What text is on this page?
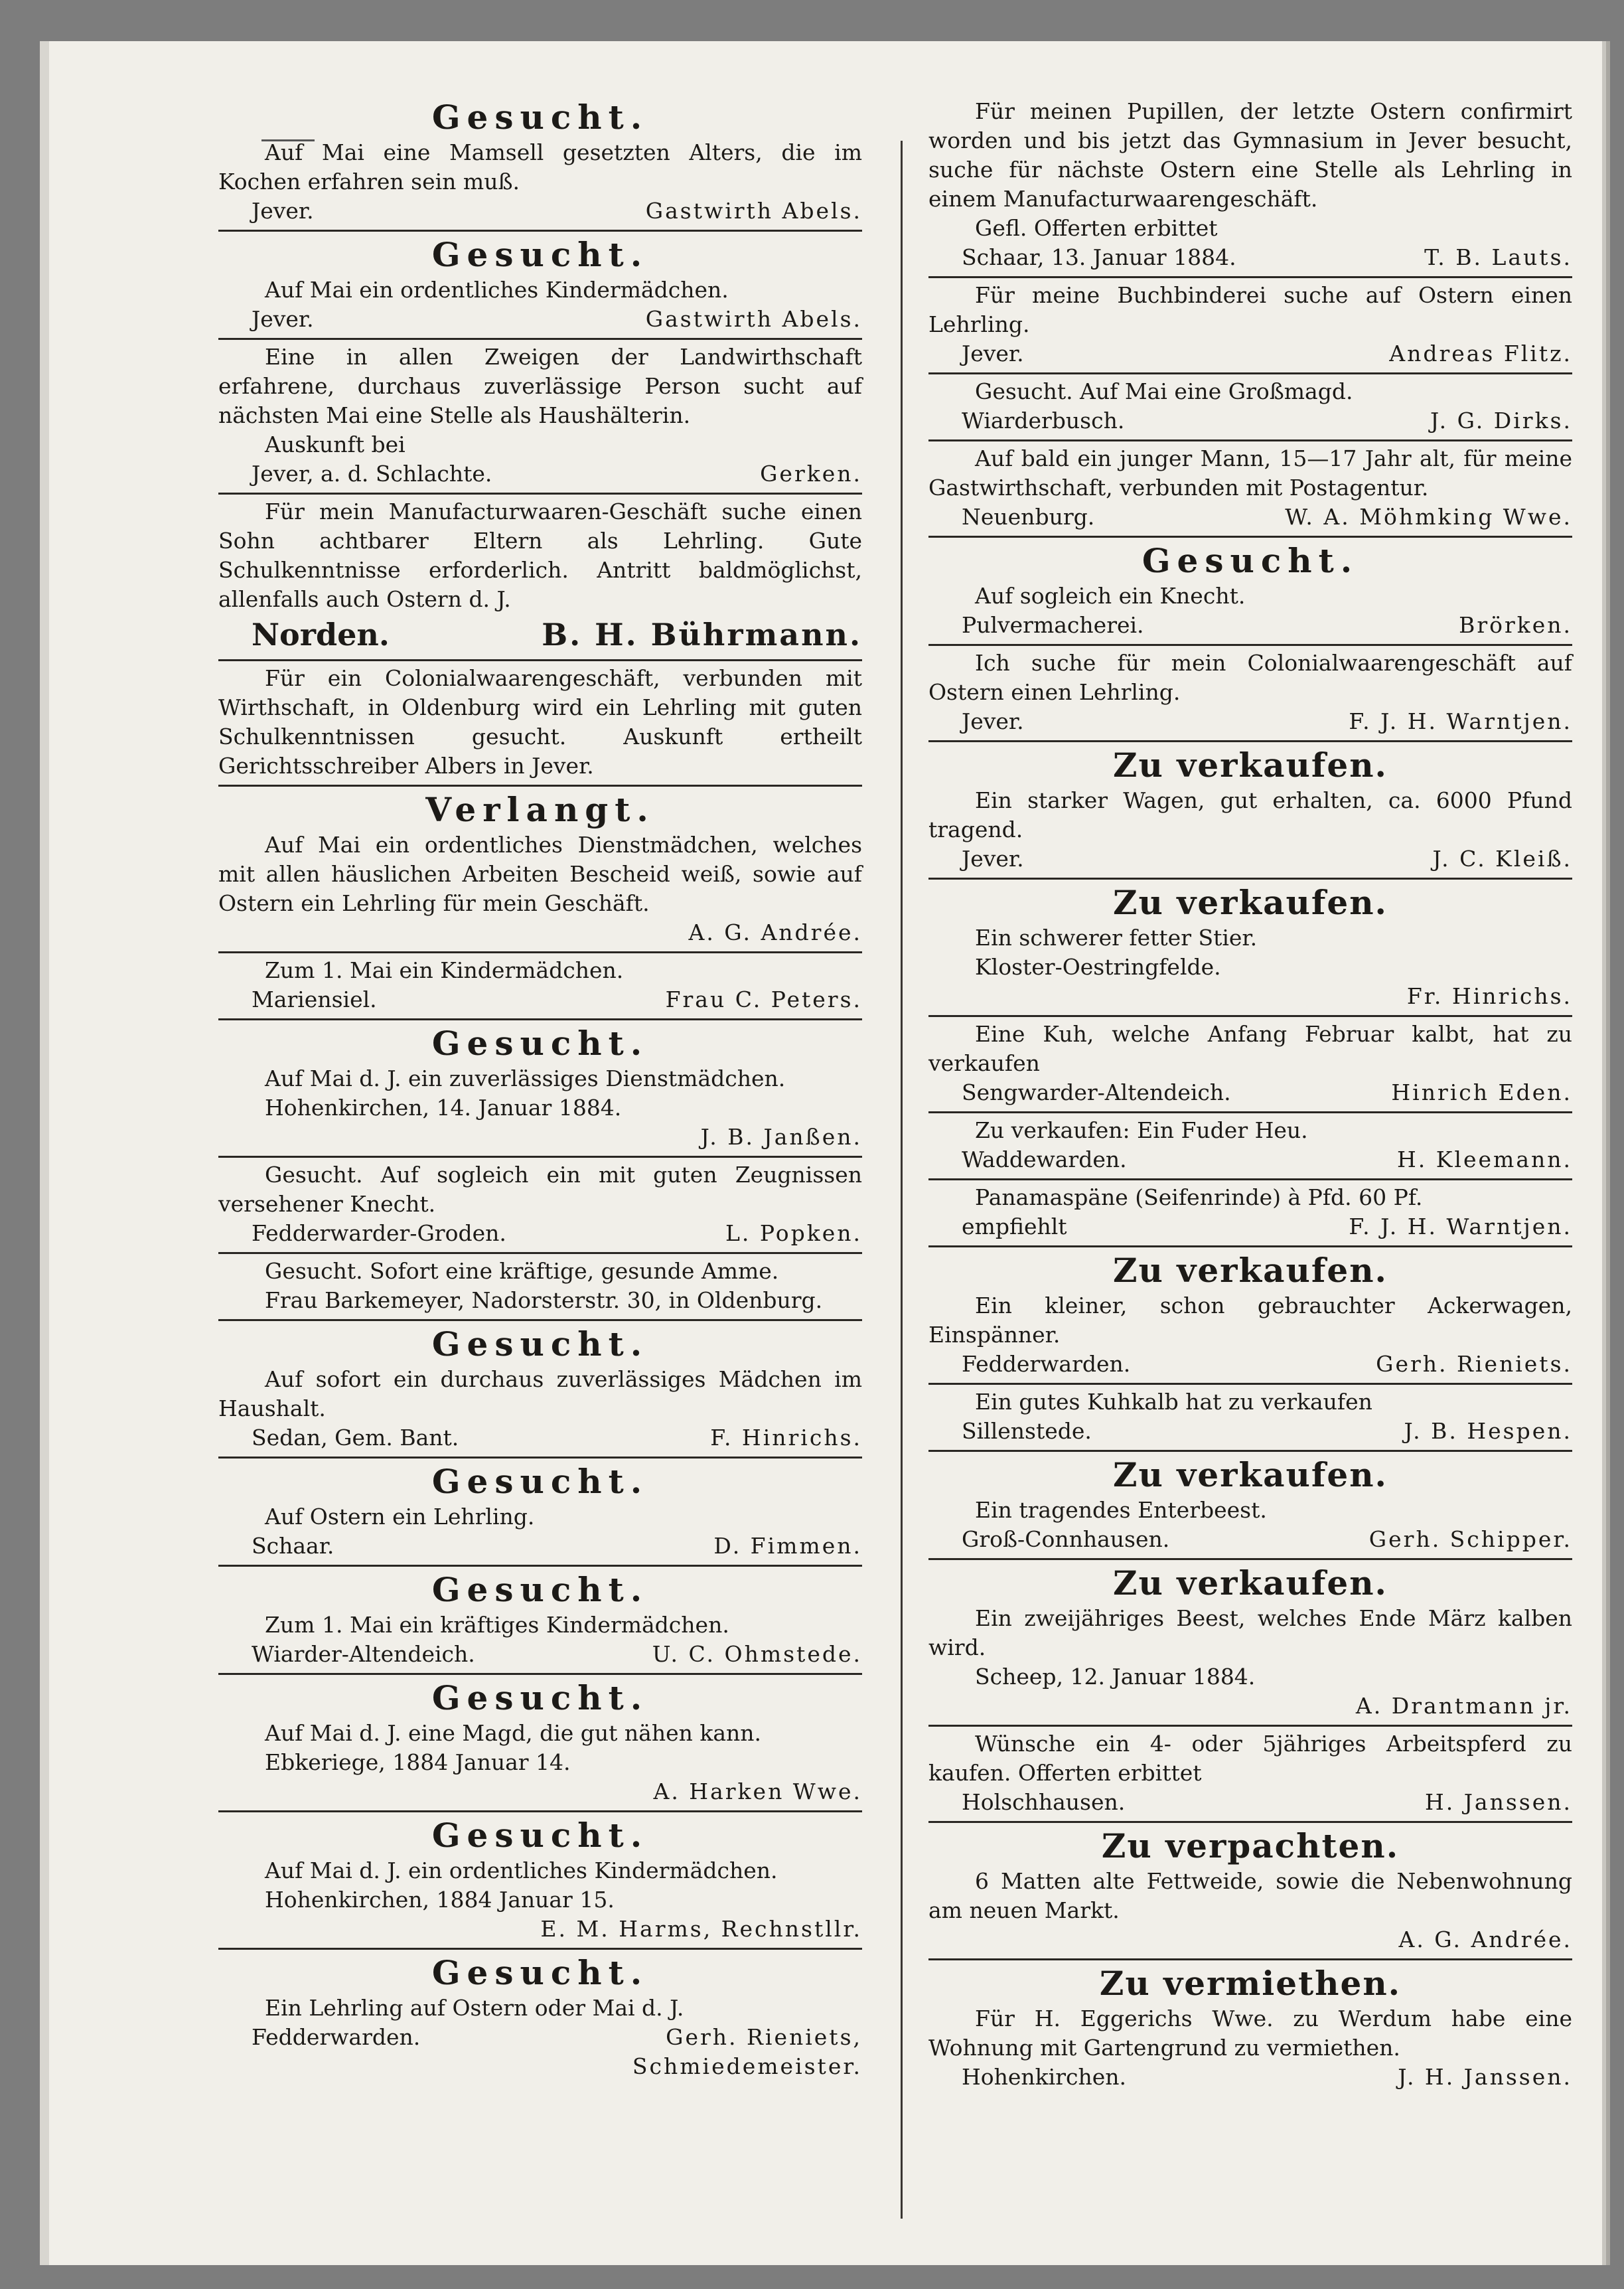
Gesucht.
Auf Mai eine Mamsell gesetzten Alters, die im Kochen erfahren sein muß.
Jever.	Gastwirth Abels.
Gesucht.
Auf Mai ein ordentliches Kindermädchen.
Jever.	Gastwirth Abels.
Eine in allen Zweigen der Landwirthschaft erfahrene, durchaus zuverlässige Person sucht auf nächsten Mai eine Stelle als Haushälterin.
Auskunft bei
Jever, a. d. Schlachte.	Gerken.
Für mein Manufacturwaaren-Geschäft suche einen Sohn achtbarer Eltern als Lehrling. Gute Schulkenntnisse erforderlich. Antritt baldmöglichst, allenfalls auch Ostern d. J.
Norden.	B. H. Bührmann.
Für ein Colonialwaarengeschäft, verbunden mit Wirthschaft, in Oldenburg wird ein Lehrling mit guten Schulkenntnissen gesucht. Auskunft ertheilt Gerichtsschreiber Albers in Jever.
Verlangt.
Auf Mai ein ordentliches Dienstmädchen, welches mit allen häuslichen Arbeiten Bescheid weiß, sowie auf Ostern ein Lehrling für mein Geschäft.
A. G. Andrée.
Zum 1. Mai ein Kindermädchen.
Mariensiel.	Frau C. Peters.
Gesucht.
Auf Mai d. J. ein zuverlässiges Dienstmädchen.
Hohenkirchen, 14. Januar 1884.
J. B. Janßen.
Gesucht. Auf sogleich ein mit guten Zeugnissen versehener Knecht.
Fedderwarder-Groden.	L. Popken.
Gesucht. Sofort eine kräftige, gesunde Amme.
Frau Barkemeyer, Nadorsterstr. 30, in Oldenburg.
Gesucht.
Auf sofort ein durchaus zuverlässiges Mädchen im Haushalt.
Sedan, Gem. Bant.	F. Hinrichs.
Gesucht.
Auf Ostern ein Lehrling.
Schaar.	D. Fimmen.
Gesucht.
Zum 1. Mai ein kräftiges Kindermädchen.
Wiarder-Altendeich.	U. C. Ohmstede.
Gesucht.
Auf Mai d. J. eine Magd, die gut nähen kann.
Ebkeriege, 1884 Januar 14.
A. Harken Wwe.
Gesucht.
Auf Mai d. J. ein ordentliches Kindermädchen.
Hohenkirchen, 1884 Januar 15.
E. M. Harms, Rechnstllr.
Gesucht.
Ein Lehrling auf Ostern oder Mai d. J.
Fedderwarden.	Gerh. Rieniets,
Schmiedemeister.
Für meinen Pupillen, der letzte Ostern confirmirt worden und bis jetzt das Gymnasium in Jever besucht, suche für nächste Ostern eine Stelle als Lehrling in einem Manufacturwaarengeschäft.
Gefl. Offerten erbittet
Schaar, 13. Januar 1884.	T. B. Lauts.
Für meine Buchbinderei suche auf Ostern einen Lehrling.
Jever.	Andreas Flitz.
Gesucht. Auf Mai eine Großmagd.
Wiarderbusch.	J. G. Dirks.
Auf bald ein junger Mann, 15—17 Jahr alt, für meine Gastwirthschaft, verbunden mit Postagentur.
Neuenburg.	W. A. Möhmking Wwe.
Gesucht.
Auf sogleich ein Knecht.
Pulvermacherei.	Brörken.
Ich suche für mein Colonialwaarengeschäft auf Ostern einen Lehrling.
Jever.	F. J. H. Warntjen.
Zu verkaufen.
Ein starker Wagen, gut erhalten, ca. 6000 Pfund tragend.
Jever.	J. C. Kleiß.
Zu verkaufen.
Ein schwerer fetter Stier.
Kloster-Oestringfelde.
Fr. Hinrichs.
Eine Kuh, welche Anfang Februar kalbt, hat zu verkaufen
Sengwarder-Altendeich.	Hinrich Eden.
Zu verkaufen: Ein Fuder Heu.
Waddewarden.	H. Kleemann.
Panamaspäne (Seifenrinde) à Pfd. 60 Pf.
empfiehlt	F. J. H. Warntjen.
Zu verkaufen.
Ein kleiner, schon gebrauchter Ackerwagen, Einspänner.
Fedderwarden.	Gerh. Rieniets.
Ein gutes Kuhkalb hat zu verkaufen
Sillenstede.	J. B. Hespen.
Zu verkaufen.
Ein tragendes Enterbeest.
Groß-Connhausen.	Gerh. Schipper.
Zu verkaufen.
Ein zweijähriges Beest, welches Ende März kalben wird.
Scheep, 12. Januar 1884.
A. Drantmann jr.
Wünsche ein 4- oder 5jähriges Arbeitspferd zu kaufen. Offerten erbittet
Holschhausen.	H. Janssen.
Zu verpachten.
6 Matten alte Fettweide, sowie die Nebenwohnung am neuen Markt.
A. G. Andrée.
Zu vermiethen.
Für H. Eggerichs Wwe. zu Werdum habe eine Wohnung mit Gartengrund zu vermiethen.
Hohenkirchen.	J. H. Janssen.
